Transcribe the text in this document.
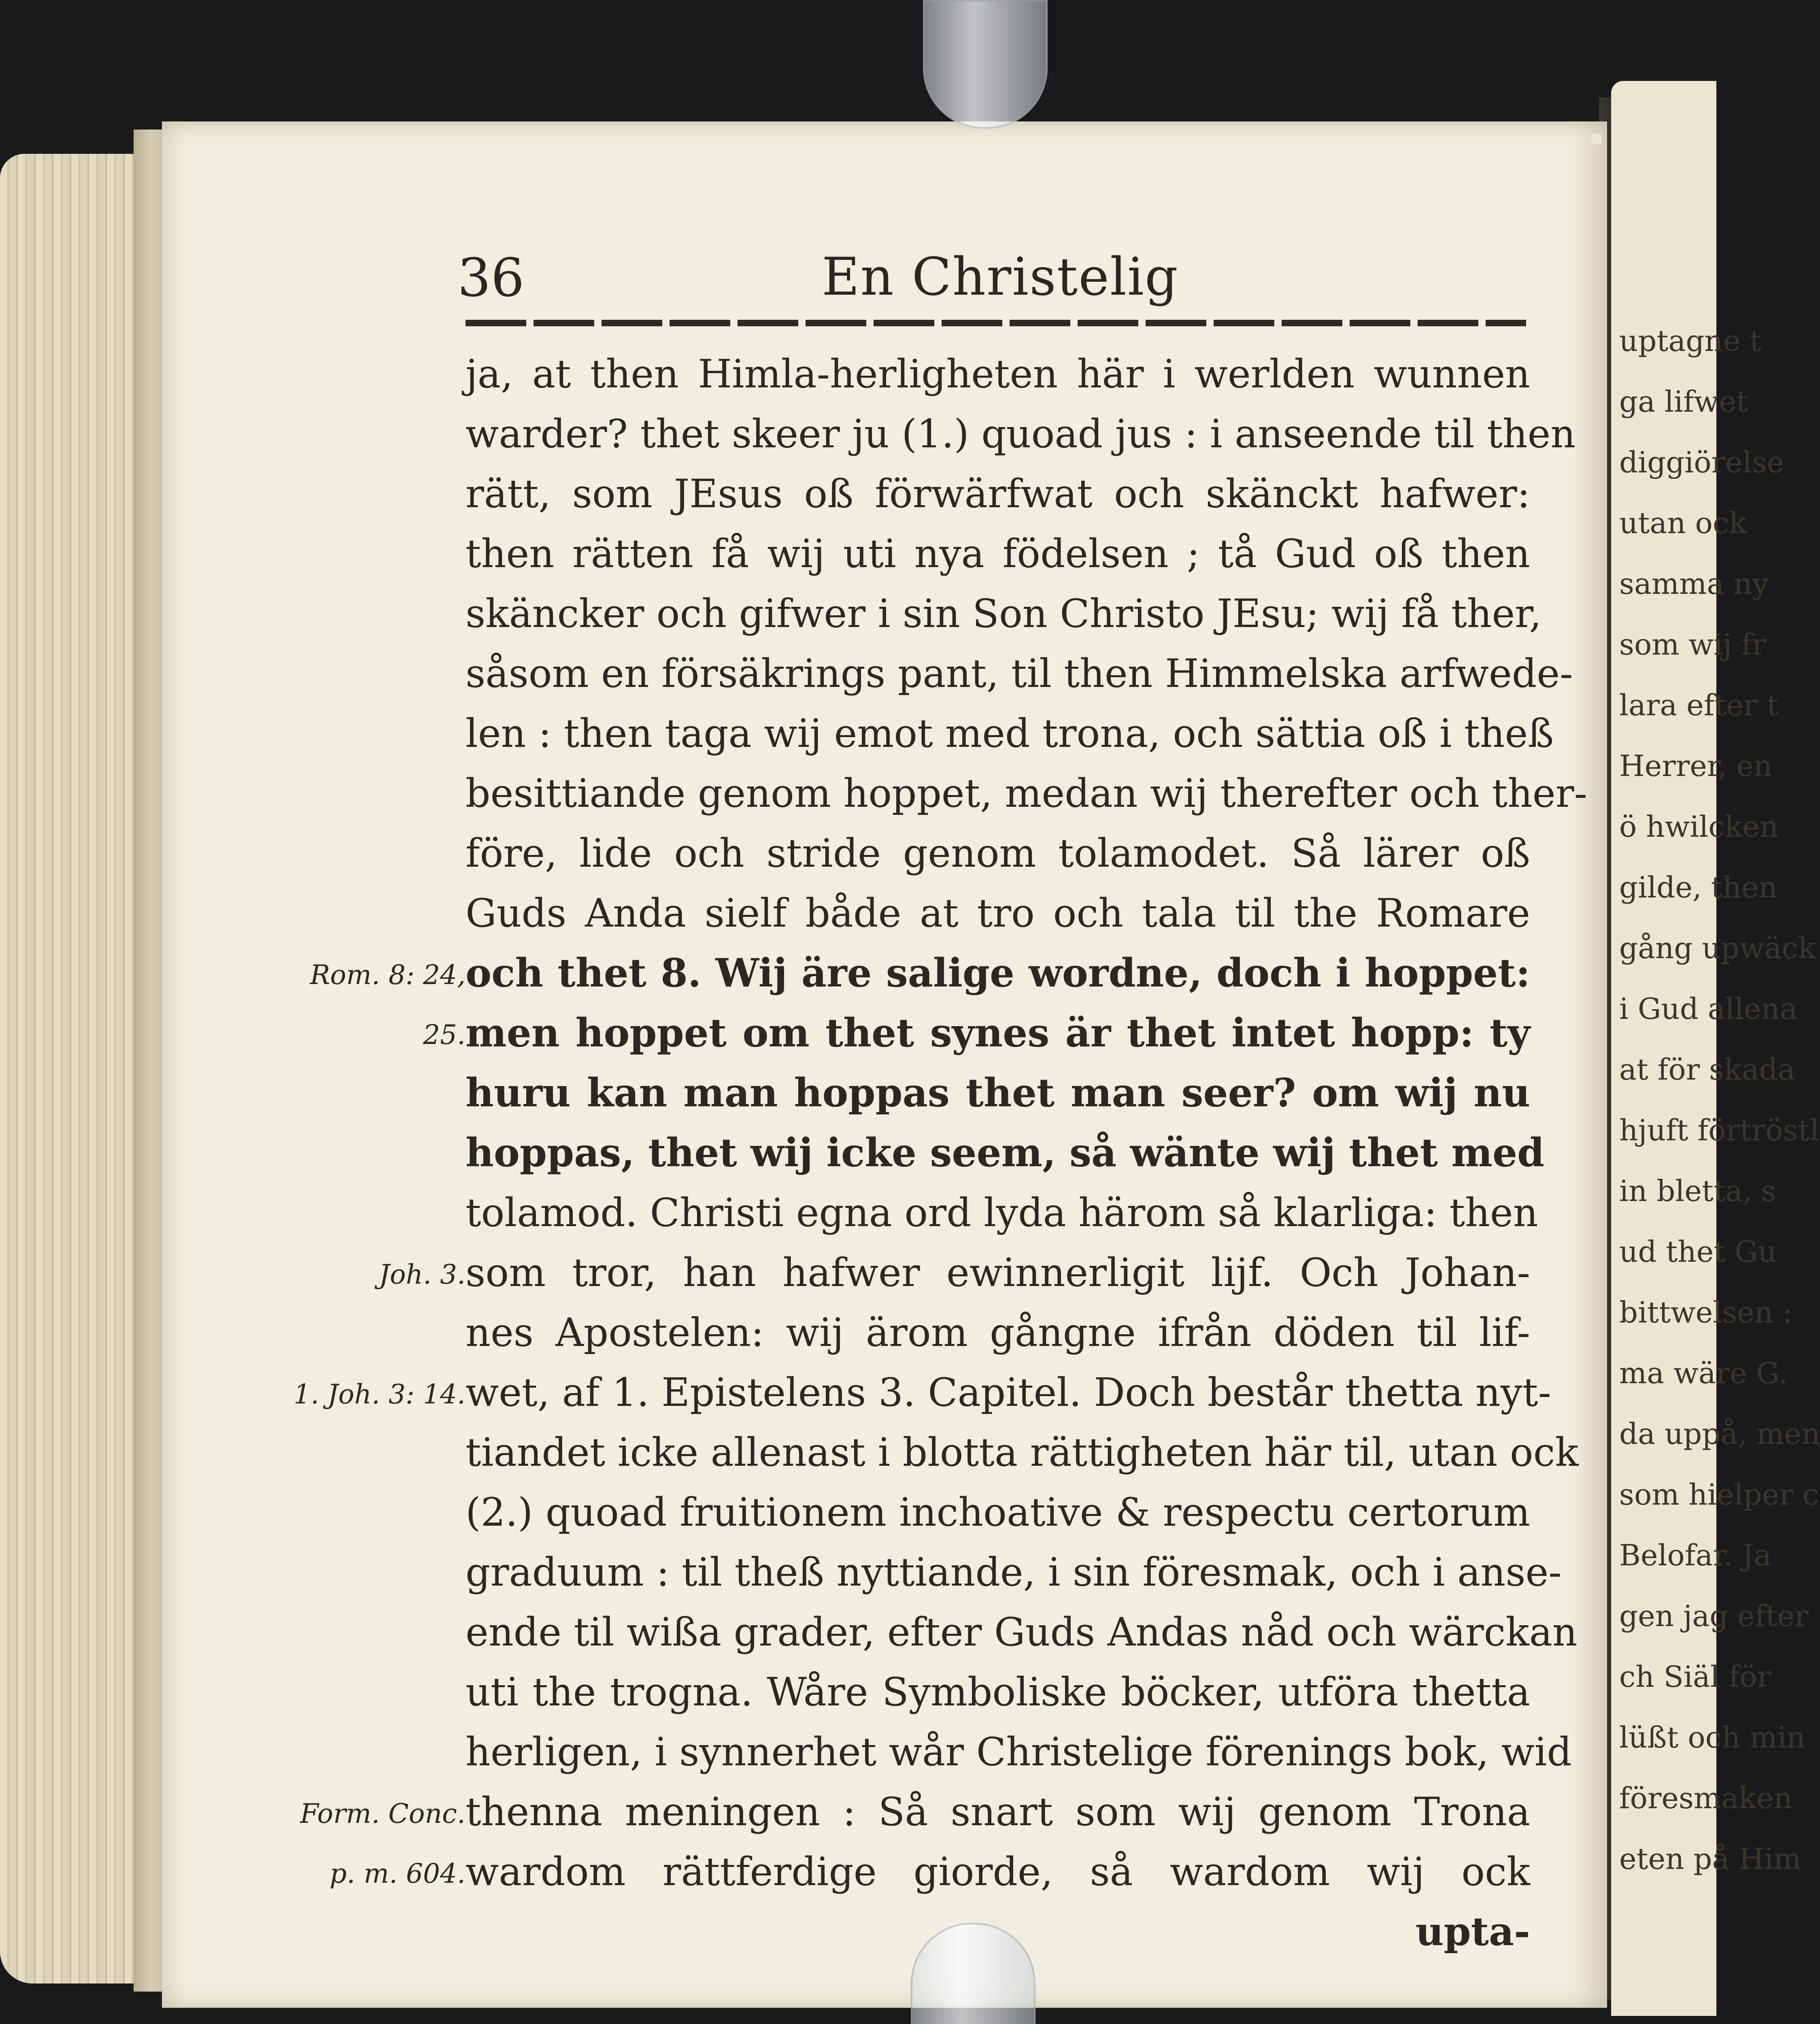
uptagne t
ga lifwet
diggiörelse
utan ock
samma ny
som wij fr
lara efter t
Herrer, en
ö hwilcken
gilde, then
gång upwäck
i Gud allena
at för skada
hjuft förtröstl
in bletta, s
ud thet Gu
bittwelsen :
ma wäre G.
da uppå, men
som hielper c
Belofar. Ja
gen jag efter
ch Siäl för
lüßt och min
föresmaken
eten på Him
36	En Christelig
ja, at then Himla-herligheten här i werlden wunnen
warder? thet skeer ju (1.) quoad jus : i anseende til then
rätt, som JEsus oß förwärfwat och skänckt hafwer:
then rätten få wij uti nya födelsen ; tå Gud oß then
skäncker och gifwer i sin Son Christo JEsu; wij få ther,
såsom en försäkrings pant, til then Himmelska arfwede-
len : then taga wij emot med trona, och sättia oß i theß
besittiande genom hoppet, medan wij therefter och ther-
före, lide och stride genom tolamodet. Så lärer oß
Guds Anda sielf både at tro och tala til the Romare
och thet 8. Wij äre salige wordne, doch i hoppet:
men hoppet om thet synes är thet intet hopp: ty
huru kan man hoppas thet man seer? om wij nu
hoppas, thet wij icke seem, så wänte wij thet med
tolamod. Christi egna ord lyda härom så klarliga: then
som tror, han hafwer ewinnerligit lijf. Och Johan-
nes Apostelen: wij ärom gångne ifrån döden til lif-
wet, af 1. Epistelens 3. Capitel. Doch består thetta nyt-
tiandet icke allenast i blotta rättigheten här til, utan ock
(2.) quoad fruitionem inchoative & respectu certorum
graduum : til theß nyttiande, i sin föresmak, och i anse-
ende til wißa grader, efter Guds Andas nåd och wärckan
uti the trogna. Wåre Symboliske böcker, utföra thetta
herligen, i synnerhet wår Christelige förenings bok, wid
thenna meningen : Så snart som wij genom Trona
wardom rättferdige giorde, så wardom wij ock
upta-
Rom. 8: 24,
25.
Joh. 3.
1. Joh. 3: 14.
Form. Conc.
p. m. 604.
